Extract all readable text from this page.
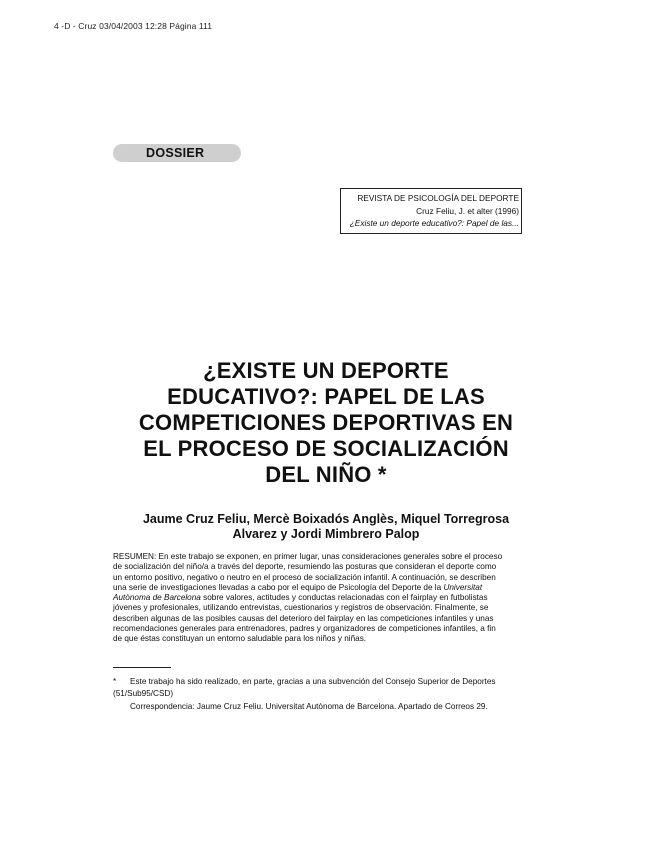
4 -D - Cruz 03/04/2003 12:28 Página 111
DOSSIER
REVISTA DE PSICOLOGÍA DEL DEPORTE
Cruz Feliu, J. et alter (1996)
¿Existe un deporte educativo?: Papel de las...
¿EXISTE UN DEPORTE
EDUCATIVO?: PAPEL DE LAS
COMPETICIONES DEPORTIVAS EN
EL PROCESO DE SOCIALIZACIÓN
DEL NIÑO *
Jaume Cruz Feliu, Mercè Boixadós Anglès, Miquel Torregrosa
Alvarez y Jordi Mimbrero Palop
RESUMEN: En este trabajo se exponen, en primer lugar, unas consideraciones generales sobre el proceso
de socialización del niño/a a través del deporte, resumiendo las posturas que consideran el deporte como
un entorno positivo, negativo o neutro en el proceso de socialización infantil. A continuación, se describen
una serie de investigaciones llevadas a cabo por el equipo de Psicología del Deporte de la Universitat
Autònoma de Barcelona sobre valores, actitudes y conductas relacionadas con el fairplay en futbolistas
jóvenes y profesionales, utilizando entrevistas, cuestionarios y registros de observación. Finalmente, se
describen algunas de las posibles causas del deterioro del fairplay en las competiciones infantiles y unas
recomendaciones generales para entrenadores, padres y organizadores de competiciones infantiles, a fin
de que éstas constituyan un entorno saludable para los niños y niñas.
* Este trabajo ha sido realizado, en parte, gracias a una subvención del Consejo Superior de Deportes
(51/Sub95/CSD)
Correspondencia: Jaume Cruz Feliu. Universitat Autònoma de Barcelona. Apartado de Correos 29.
